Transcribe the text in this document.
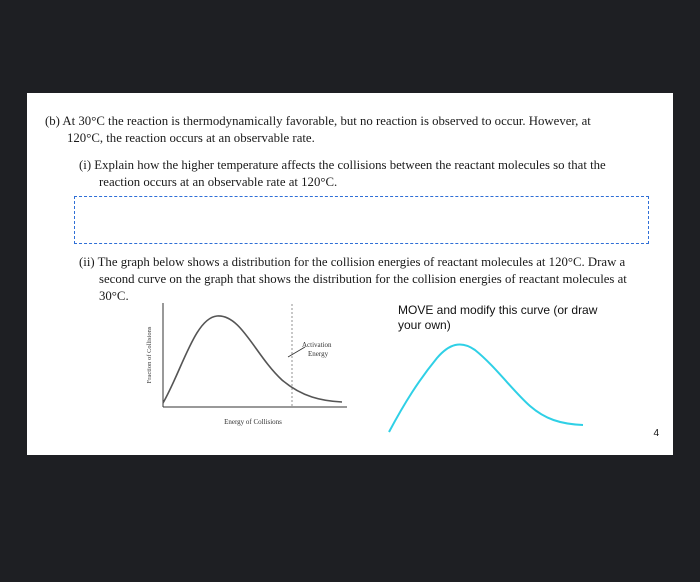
(b) At 30°C the reaction is thermodynamically favorable, but no reaction is observed to occur. However, at
120°C, the reaction occurs at an observable rate.
(i) Explain how the higher temperature affects the collisions between the reactant molecules so that the
reaction occurs at an observable rate at 120°C.
(ii) The graph below shows a distribution for the collision energies of reactant molecules at 120°C. Draw a
second curve on the graph that shows the distribution for the collision energies of reactant molecules at
30°C.
Activation
Energy
Fraction of Collisions
Energy of Collisions
MOVE and modify this curve (or draw your own)
4
